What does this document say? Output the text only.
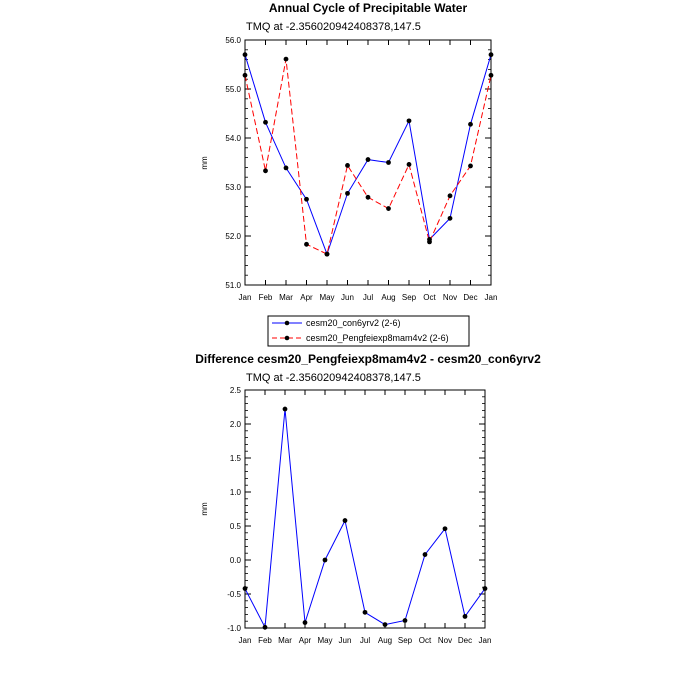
Annual Cycle of Precipitable Water
TMQ at -2.356020942408378,147.5
mm
Jan Feb Mar Apr May Jun Jul Aug Sep Oct Nov Dec Jan
51.0
52.0
53.0
54.0
55.0
56.0
cesm20_con6yrv2 (2-6)
cesm20_Pengfeiexp8mam4v2 (2-6)
Difference cesm20_Pengfeiexp8mam4v2 - cesm20_con6yrv2
TMQ at -2.356020942408378,147.5
mm
Jan Feb Mar Apr May Jun Jul Aug Sep Oct Nov Dec Jan
-1.0
-0.5
0.0
0.5
1.0
1.5
2.0
2.5
